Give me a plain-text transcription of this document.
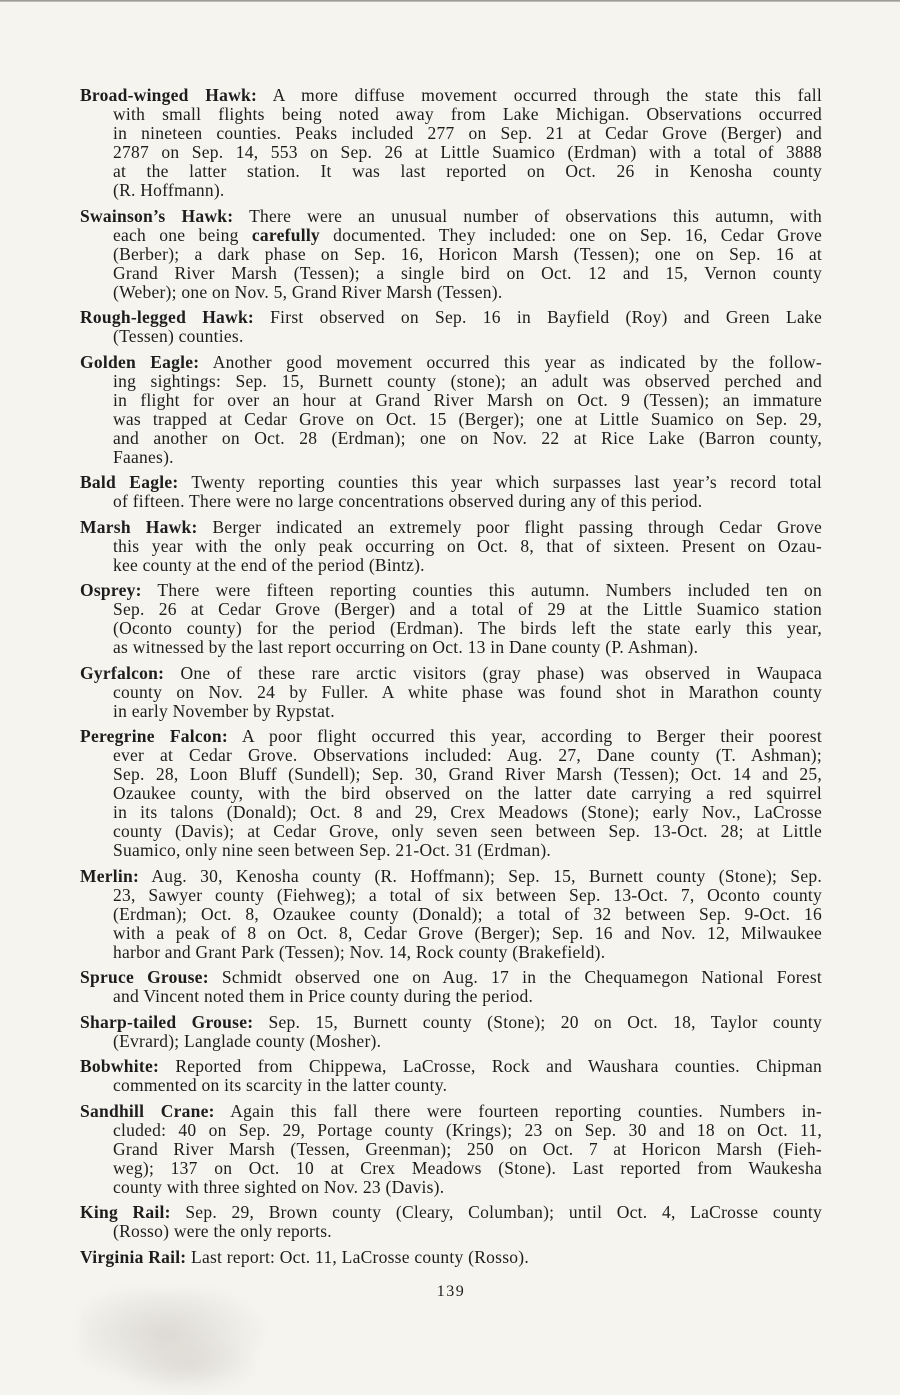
Broad-winged Hawk: A more diffuse movement occurred through the state this fall
with small flights being noted away from Lake Michigan. Observations occurred
in nineteen counties. Peaks included 277 on Sep. 21 at Cedar Grove (Berger) and
2787 on Sep. 14, 553 on Sep. 26 at Little Suamico (Erdman) with a total of 3888
at the latter station. It was last reported on Oct. 26 in Kenosha county
(R. Hoffmann).
Swainson’s Hawk: There were an unusual number of observations this autumn, with
each one being carefully documented. They included: one on Sep. 16, Cedar Grove
(Berber); a dark phase on Sep. 16, Horicon Marsh (Tessen); one on Sep. 16 at
Grand River Marsh (Tessen); a single bird on Oct. 12 and 15, Vernon county
(Weber); one on Nov. 5, Grand River Marsh (Tessen).
Rough-legged Hawk: First observed on Sep. 16 in Bayfield (Roy) and Green Lake
(Tessen) counties.
Golden Eagle: Another good movement occurred this year as indicated by the follow-
ing sightings: Sep. 15, Burnett county (stone); an adult was observed perched and
in flight for over an hour at Grand River Marsh on Oct. 9 (Tessen); an immature
was trapped at Cedar Grove on Oct. 15 (Berger); one at Little Suamico on Sep. 29,
and another on Oct. 28 (Erdman); one on Nov. 22 at Rice Lake (Barron county,
Faanes).
Bald Eagle: Twenty reporting counties this year which surpasses last year’s record total
of fifteen. There were no large concentrations observed during any of this period.
Marsh Hawk: Berger indicated an extremely poor flight passing through Cedar Grove
this year with the only peak occurring on Oct. 8, that of sixteen. Present on Ozau-
kee county at the end of the period (Bintz).
Osprey: There were fifteen reporting counties this autumn. Numbers included ten on
Sep. 26 at Cedar Grove (Berger) and a total of 29 at the Little Suamico station
(Oconto county) for the period (Erdman). The birds left the state early this year,
as witnessed by the last report occurring on Oct. 13 in Dane county (P. Ashman).
Gyrfalcon: One of these rare arctic visitors (gray phase) was observed in Waupaca
county on Nov. 24 by Fuller. A white phase was found shot in Marathon county
in early November by Rypstat.
Peregrine Falcon: A poor flight occurred this year, according to Berger their poorest
ever at Cedar Grove. Observations included: Aug. 27, Dane county (T. Ashman);
Sep. 28, Loon Bluff (Sundell); Sep. 30, Grand River Marsh (Tessen); Oct. 14 and 25,
Ozaukee county, with the bird observed on the latter date carrying a red squirrel
in its talons (Donald); Oct. 8 and 29, Crex Meadows (Stone); early Nov., LaCrosse
county (Davis); at Cedar Grove, only seven seen between Sep. 13-Oct. 28; at Little
Suamico, only nine seen between Sep. 21-Oct. 31 (Erdman).
Merlin: Aug. 30, Kenosha county (R. Hoffmann); Sep. 15, Burnett county (Stone); Sep.
23, Sawyer county (Fiehweg); a total of six between Sep. 13-Oct. 7, Oconto county
(Erdman); Oct. 8, Ozaukee county (Donald); a total of 32 between Sep. 9-Oct. 16
with a peak of 8 on Oct. 8, Cedar Grove (Berger); Sep. 16 and Nov. 12, Milwaukee
harbor and Grant Park (Tessen); Nov. 14, Rock county (Brakefield).
Spruce Grouse: Schmidt observed one on Aug. 17 in the Chequamegon National Forest
and Vincent noted them in Price county during the period.
Sharp-tailed Grouse: Sep. 15, Burnett county (Stone); 20 on Oct. 18, Taylor county
(Evrard); Langlade county (Mosher).
Bobwhite: Reported from Chippewa, LaCrosse, Rock and Waushara counties. Chipman
commented on its scarcity in the latter county.
Sandhill Crane: Again this fall there were fourteen reporting counties. Numbers in-
cluded: 40 on Sep. 29, Portage county (Krings); 23 on Sep. 30 and 18 on Oct. 11,
Grand River Marsh (Tessen, Greenman); 250 on Oct. 7 at Horicon Marsh (Fieh-
weg); 137 on Oct. 10 at Crex Meadows (Stone). Last reported from Waukesha
county with three sighted on Nov. 23 (Davis).
King Rail: Sep. 29, Brown county (Cleary, Columban); until Oct. 4, LaCrosse county
(Rosso) were the only reports.
Virginia Rail: Last report: Oct. 11, LaCrosse county (Rosso).
139
